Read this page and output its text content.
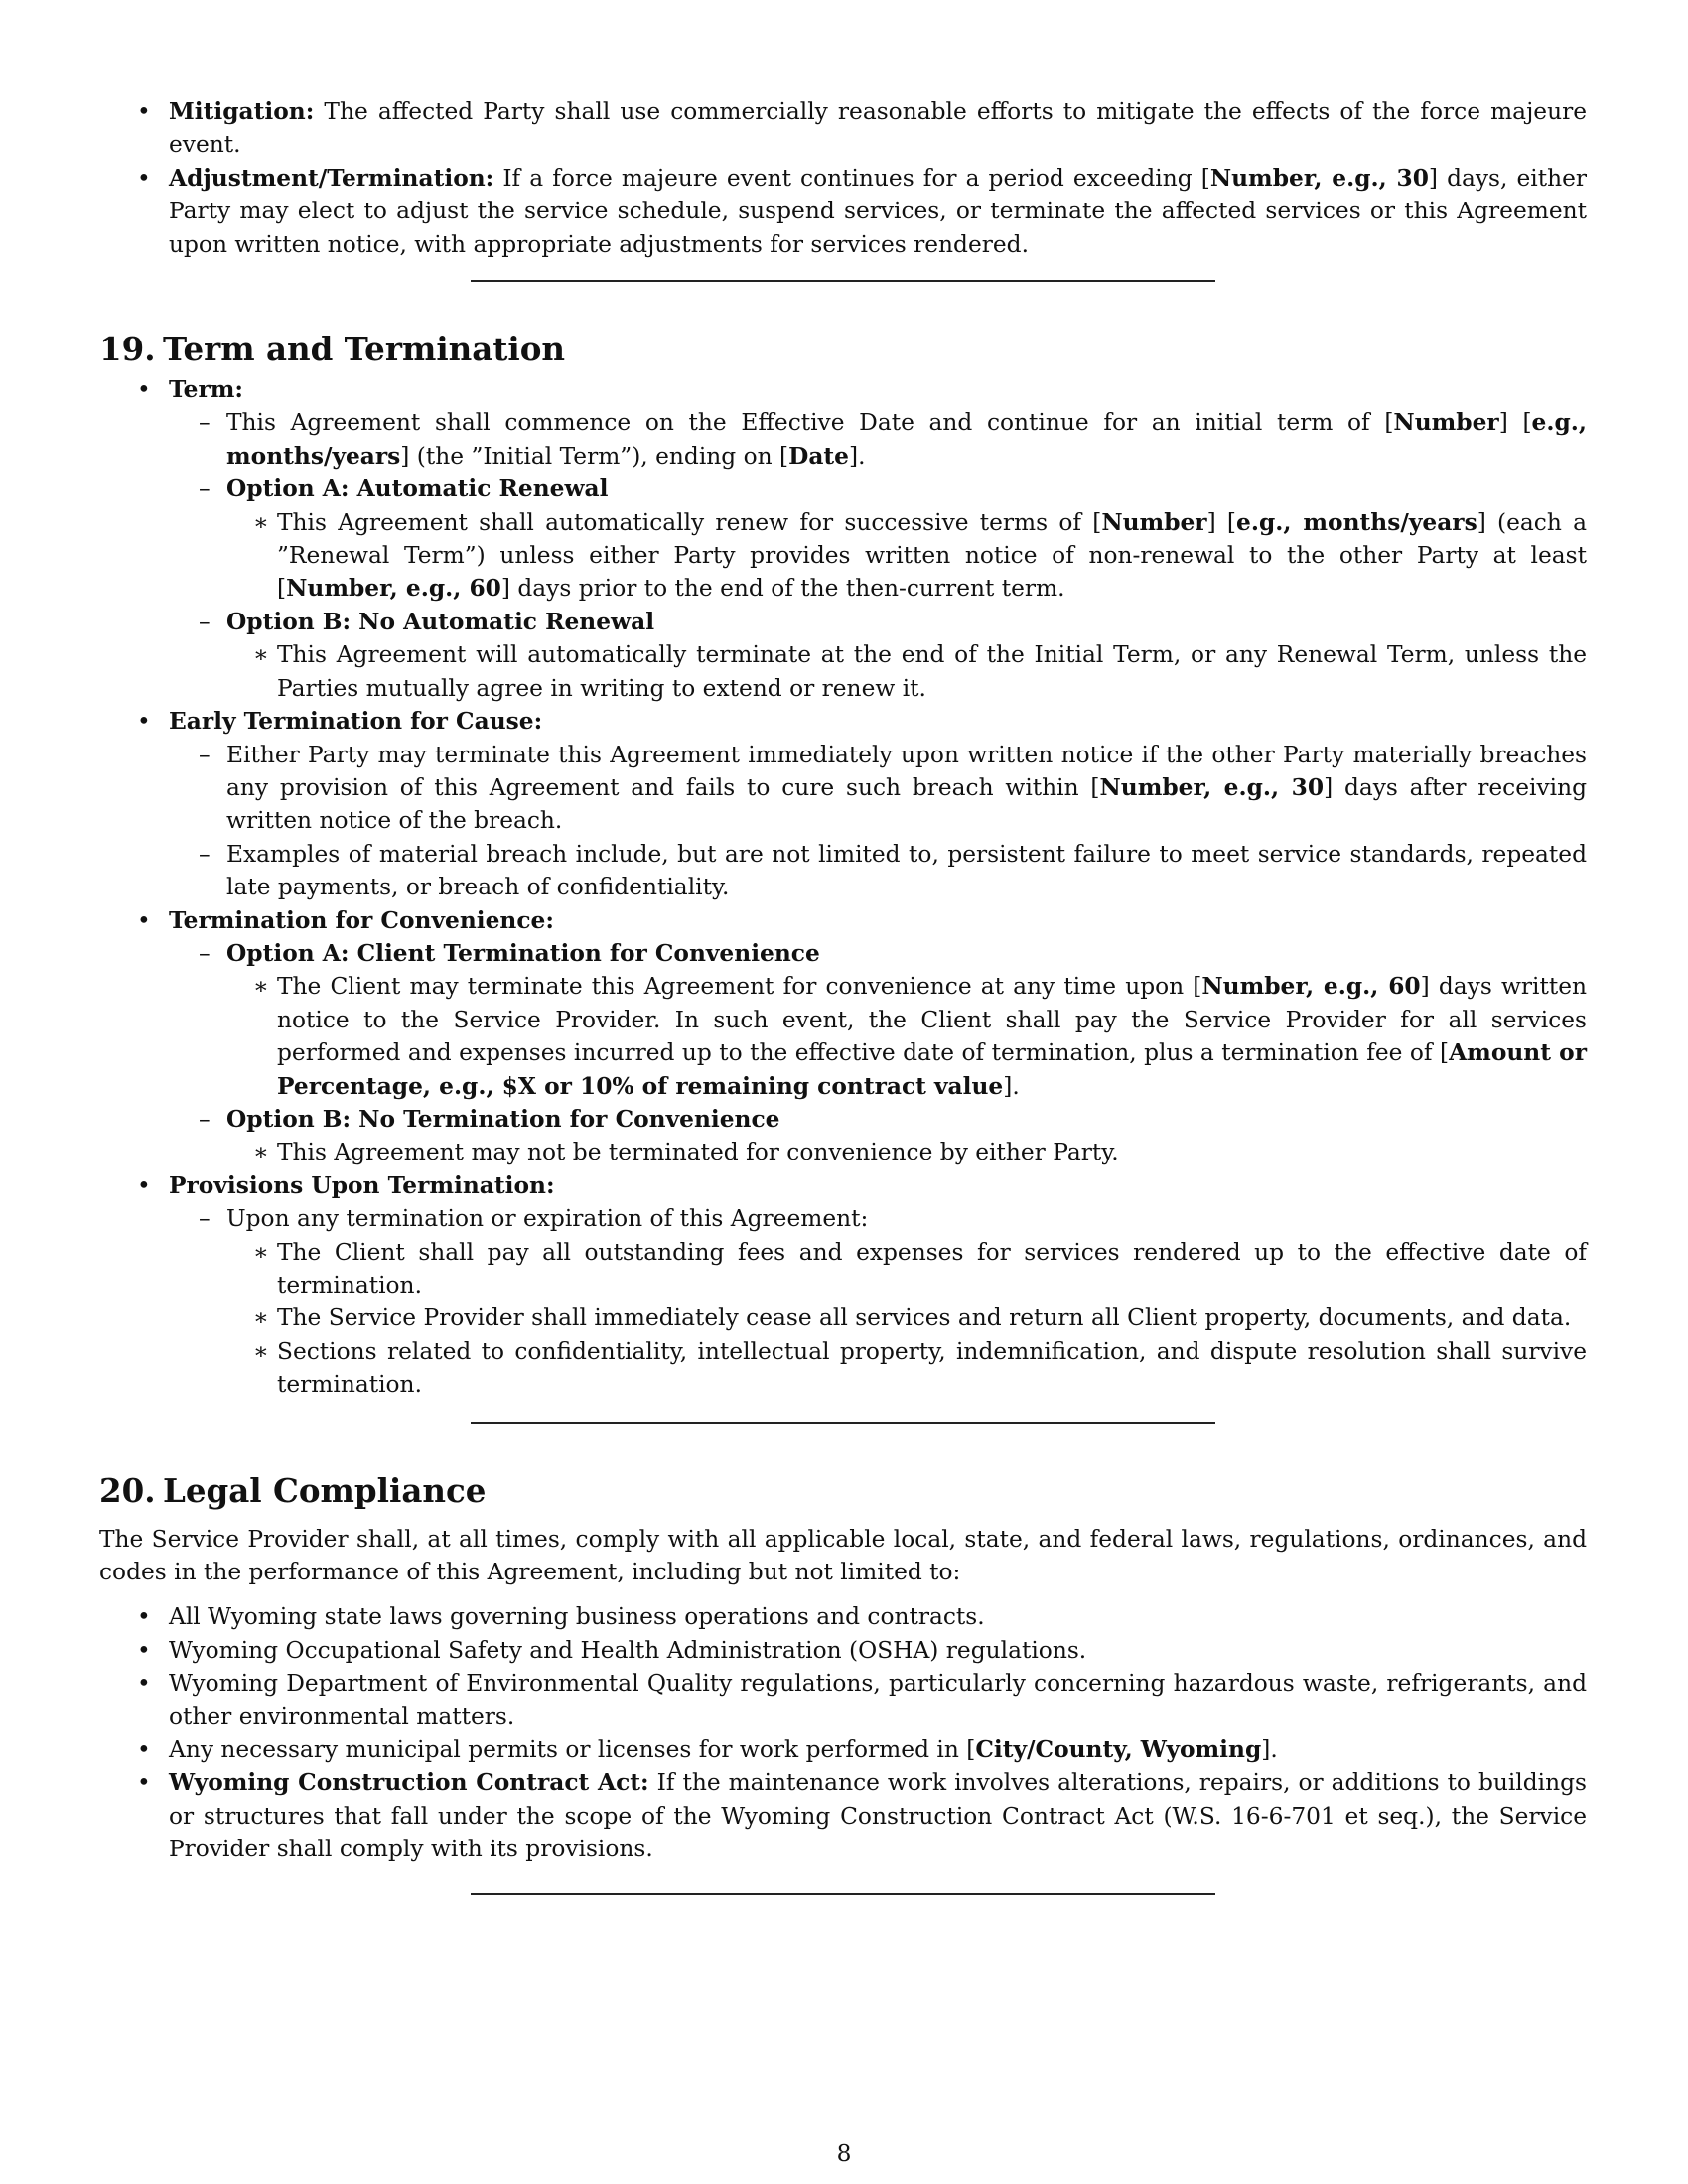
• Mitigation: The affected Party shall use commercially reasonable efforts to mitigate the effects of the force majeure event.
• Adjustment/Termination: If a force majeure event continues for a period exceeding [Number, e.g., 30] days, either Party may elect to adjust the service schedule, suspend services, or terminate the affected services or this Agreement upon written notice, with appropriate adjustments for services rendered.
19. Term and Termination
• Term:
– This Agreement shall commence on the Effective Date and continue for an initial term of [Number] [e.g., months/years] (the ”Initial Term”), ending on [Date].
– Option A: Automatic Renewal
∗ This Agreement shall automatically renew for successive terms of [Number] [e.g., months/years] (each a ”Renewal Term”) unless either Party provides written notice of non-renewal to the other Party at least [Number, e.g., 60] days prior to the end of the then-current term.
– Option B: No Automatic Renewal
∗ This Agreement will automatically terminate at the end of the Initial Term, or any Renewal Term, unless the Parties mutually agree in writing to extend or renew it.
• Early Termination for Cause:
– Either Party may terminate this Agreement immediately upon written notice if the other Party materially breaches any provision of this Agreement and fails to cure such breach within [Number, e.g., 30] days after receiving written notice of the breach.
– Examples of material breach include, but are not limited to, persistent failure to meet service standards, repeated late payments, or breach of confidentiality.
• Termination for Convenience:
– Option A: Client Termination for Convenience
∗ The Client may terminate this Agreement for convenience at any time upon [Number, e.g., 60] days written notice to the Service Provider. In such event, the Client shall pay the Service Provider for all services performed and expenses incurred up to the effective date of termination, plus a termination fee of [Amount or Percentage, e.g., $X or 10% of remaining contract value].
– Option B: No Termination for Convenience
∗ This Agreement may not be terminated for convenience by either Party.
• Provisions Upon Termination:
– Upon any termination or expiration of this Agreement:
∗ The Client shall pay all outstanding fees and expenses for services rendered up to the effective date of termination.
∗ The Service Provider shall immediately cease all services and return all Client property, documents, and data.
∗ Sections related to confidentiality, intellectual property, indemnification, and dispute resolution shall survive termination.
20. Legal Compliance

The Service Provider shall, at all times, comply with all applicable local, state, and federal laws, regulations, ordinances, and codes in the performance of this Agreement, including but not limited to:

• All Wyoming state laws governing business operations and contracts.
• Wyoming Occupational Safety and Health Administration (OSHA) regulations.
• Wyoming Department of Environmental Quality regulations, particularly concerning hazardous waste, refrigerants, and other environmental matters.
• Any necessary municipal permits or licenses for work performed in [City/County, Wyoming].
• Wyoming Construction Contract Act: If the maintenance work involves alterations, repairs, or additions to buildings or structures that fall under the scope of the Wyoming Construction Contract Act (W.S. 16-6-701 et seq.), the Service Provider shall comply with its provisions.
8
